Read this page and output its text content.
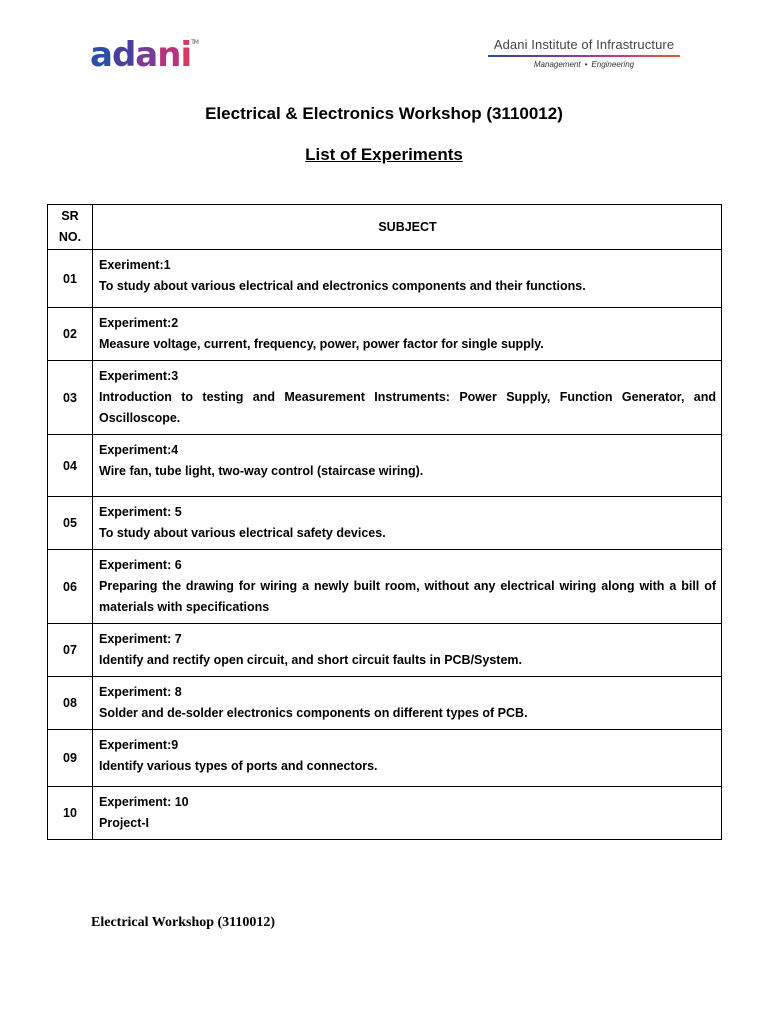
adani™	Adani Institute of Infrastructure
Management • Engineering
Electrical & Electronics Workshop (3110012)
List of Experiments
SR
NO.	SUBJECT
01	Exeriment:1
To study about various electrical and electronics components and their functions.

02	Experiment:2
Measure voltage, current, frequency, power, power factor for single supply.

03	Experiment:3
Introduction to testing and Measurement Instruments: Power Supply, Function Generator, and Oscilloscope.

04	Experiment:4
Wire fan, tube light, two-way control (staircase wiring).

05	Experiment: 5
To study about various electrical safety devices.

06	Experiment: 6
Preparing the drawing for wiring a newly built room, without any electrical wiring along with a bill of materials with specifications

07	Experiment: 7
Identify and rectify open circuit, and short circuit faults in PCB/System.

08	Experiment: 8
Solder and de-solder electronics components on different types of PCB.

09	Experiment:9
Identify various types of ports and connectors.

10	Experiment: 10
Project-I
Electrical Workshop (3110012)
